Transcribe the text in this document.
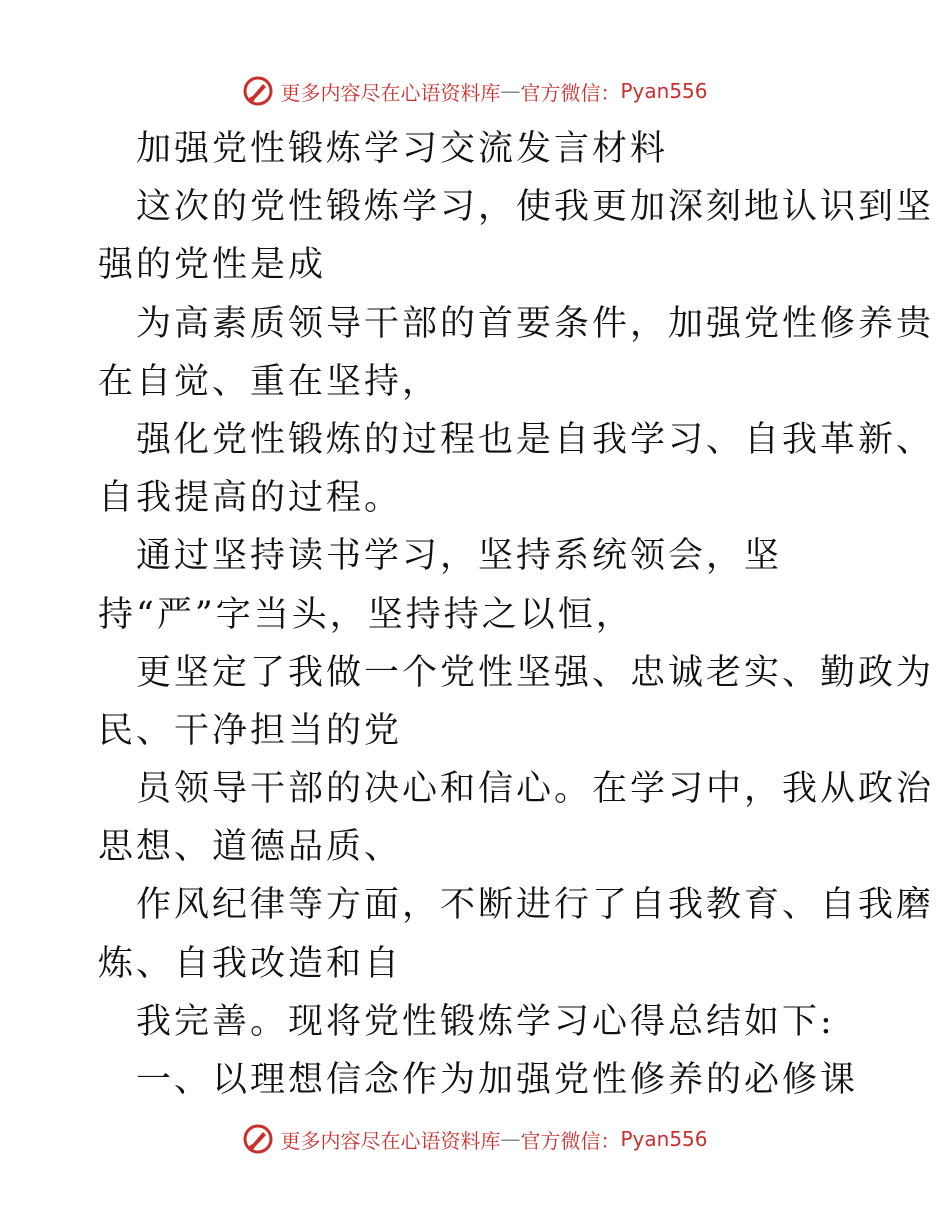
更多内容尽在心语资料库 — 官方微信： Pyan556
加强党性锻炼学习交流发言材料
这次的党性锻炼学习，使我更加深刻地认识到坚
强的党性是成
为高素质领导干部的首要条件，加强党性修养贵
在自觉、重在坚持，
强化党性锻炼的过程也是自我学习、自我革新、
自我提高的过程。
通过坚持读书学习，坚持系统领会，坚
持“严”字当头，坚持持之以恒，
更坚定了我做一个党性坚强、忠诚老实、勤政为
民、干净担当的党
员领导干部的决心和信心。在学习中，我从政治
思想、道德品质、
作风纪律等方面，不断进行了自我教育、自我磨
炼、自我改造和自
我完善。现将党性锻炼学习心得总结如下:
一、以理想信念作为加强党性修养的必修课
更多内容尽在心语资料库 — 官方微信： Pyan556
